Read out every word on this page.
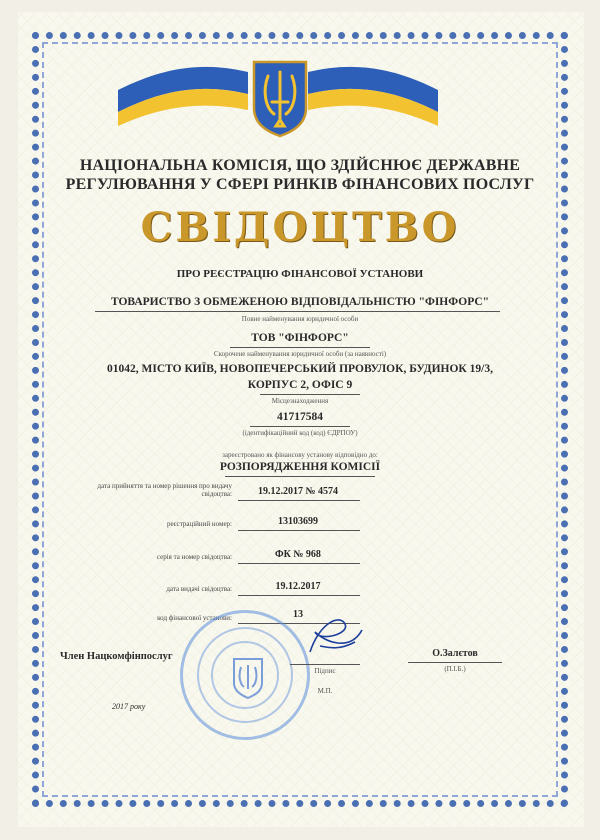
НАЦІОНАЛЬНА КОМІСІЯ, ЩО ЗДІЙСНЮЄ ДЕРЖАВНЕ
РЕГУЛЮВАННЯ У СФЕРІ РИНКІВ ФІНАНСОВИХ ПОСЛУГ
СВІДОЦТВО
ПРО РЕЄСТРАЦІЮ ФІНАНСОВОЇ УСТАНОВИ
ТОВАРИСТВО З ОБМЕЖЕНОЮ ВІДПОВІДАЛЬНІСТЮ "ФІНФОРС"
Повне найменування юридичної особи
ТОВ "ФІНФОРС"
Скорочене найменування юридичної особи (за наявності)
01042, МІСТО КИЇВ, НОВОПЕЧЕРСЬКИЙ ПРОВУЛОК, БУДИНОК 19/3,
КОРПУС 2, ОФІС 9
Місцезнаходження
41717584
(ідентифікаційний код (код) ЄДРПОУ)
зареєстровано як фінансову установу відповідно до:
РОЗПОРЯДЖЕННЯ КОМІСІЇ
дата прийняття та номер рішення про видачу
свідоцтва:	19.12.2017 № 4574
реєстраційний номер:	13103699
серія та номер свідоцтва:	ФК № 968
дата видачі свідоцтва:	19.12.2017
код фінансової установи:	13
Член Нацкомфінпослуг
Підпис
М.П.
О.Залєтов
(П.І.Б.)
2017 року
